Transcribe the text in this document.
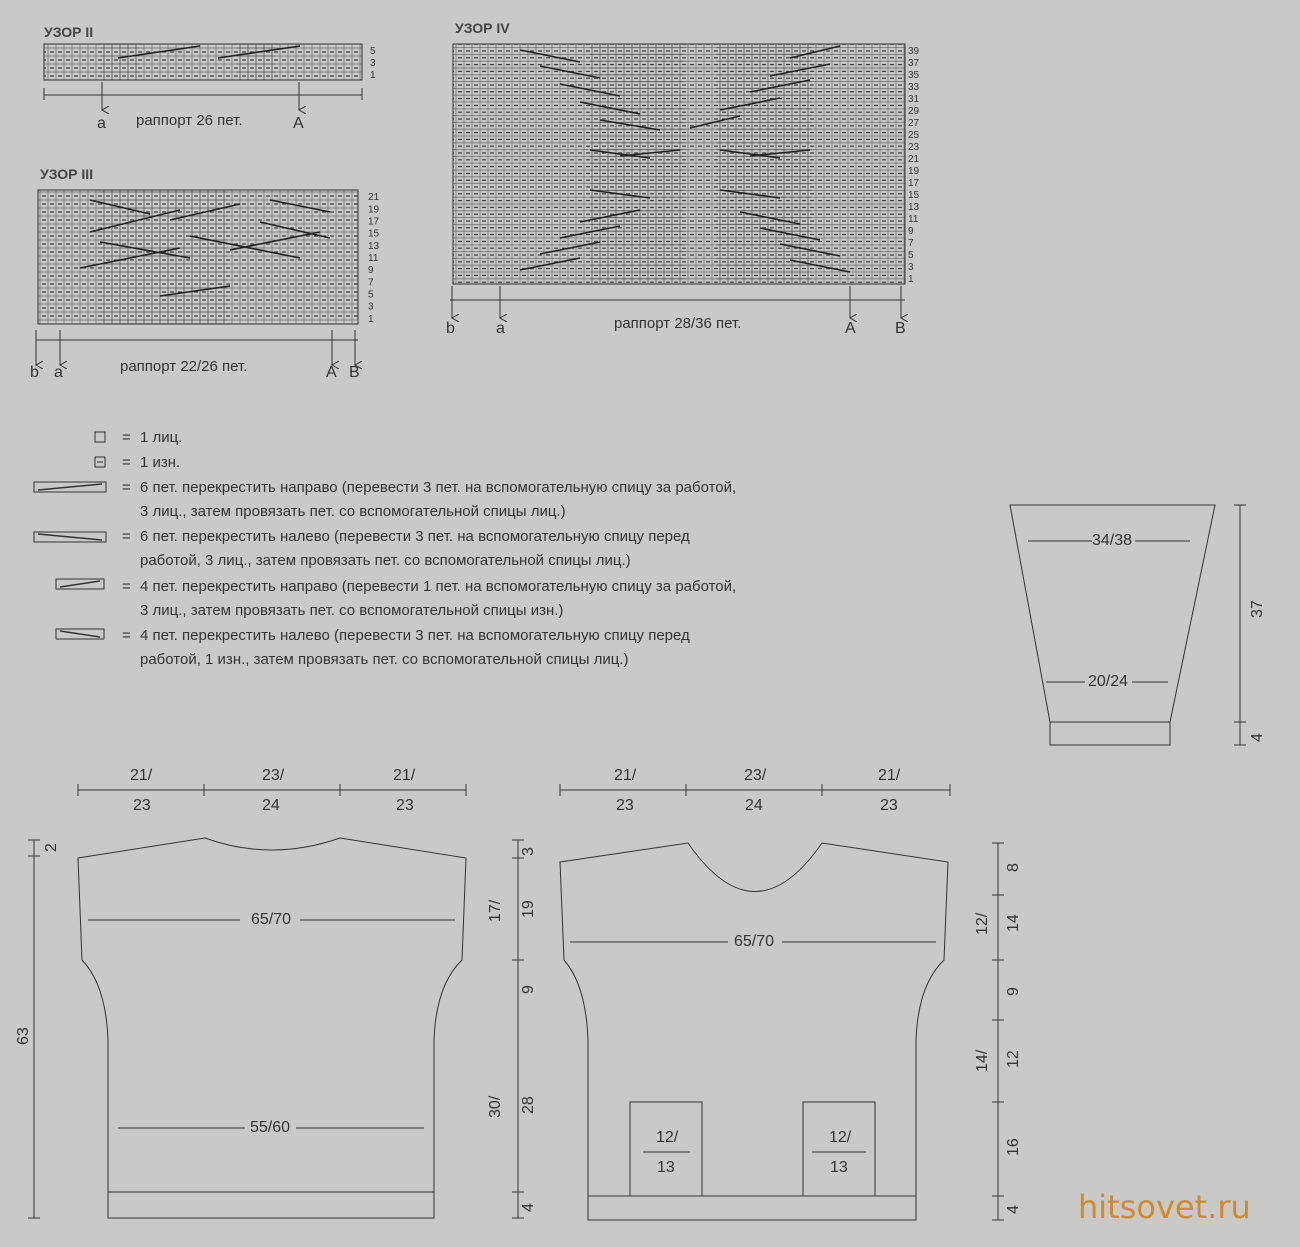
УЗОР II
УЗОР III
УЗОР IV
5
3
1
21
19
17
15
13
11
9
7
5
3
1
39
37
35
33
31
29
27
25
23
21
19
17
15
13
11
9
7
5
3
1
37
4
2
63
3
17/ 19
9
30/ 28
4
8
12/ 14
9
14/ 12
16
4
a раппорт 26 пет.	A
b a	раппорт 22/26 пет.	A B
b	a	раппорт 28/36 пет.	A B
= 1 лиц.
= 1 изн.
= 6 пет. перекрестить направо (перевести 3 пет. на вспомогательную спицу за работой,
3 лиц., затем провязать пет. со вспомогательной спицы лиц.)
= 6 пет. перекрестить налево (перевести 3 пет. на вспомогательную спицу перед
работой, 3 лиц., затем провязать пет. со вспомогательной спицы лиц.)
= 4 пет. перекрестить направо (перевести 1 пет. на вспомогательную спицу за работой,
3 лиц., затем провязать пет. со вспомогательной спицы изн.)
= 4 пет. перекрестить налево (перевести 3 пет. на вспомогательную спицу перед
работой, 1 изн., затем провязать пет. со вспомогательной спицы лиц.)
34/38
20/24
21/
23
23/
24
21/
23
65/70
55/60
21/
23
23/
24
21/
23
65/70
12/
13
12/
13
hitsovet.ru
